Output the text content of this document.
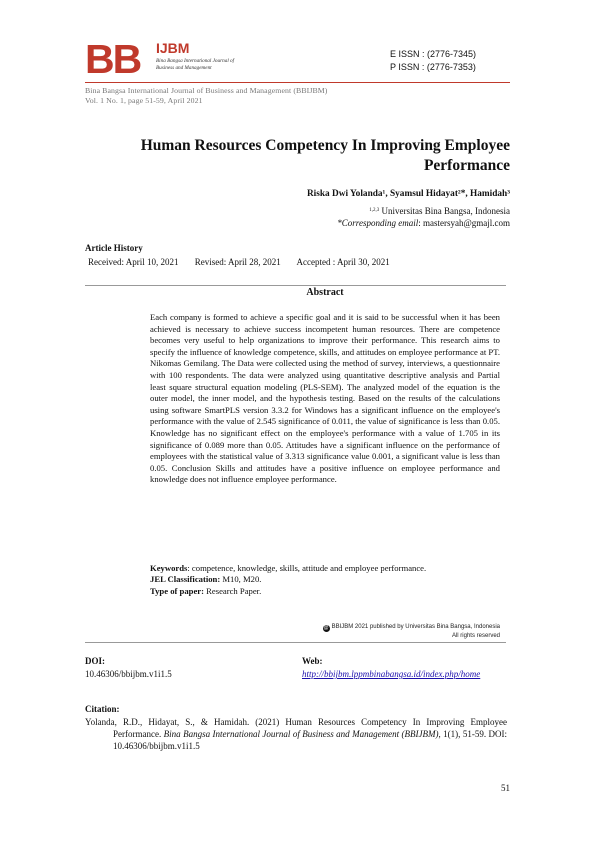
BB IJBM
Bina Bangsa International Journal of Business and Management
E ISSN : (2776-7345)
P ISSN : (2776-7353)
Bina Bangsa International Journal of Business and Management (BBIJBM)
Vol. 1 No. 1, page 51-59, April 2021
Human Resources Competency In Improving Employee
Performance
Riska Dwi Yolanda¹, Syamsul Hidayat²*, Hamidah³
$^{1,2,3}$ Universitas Bina Bangsa, Indonesia
*Corresponding email: mastersyah@gmajl.com
Article History
Received: April 10, 2021 Revised: April 28, 2021 Accepted : April 30, 2021
Abstract
Each company is formed to achieve a specific goal and it is said to be successful when it has been achieved is necessary to achieve success incompetent human resources. There are competence becomes very useful to help organizations to improve their performance. This research aims to specify the influence of knowledge competence, skills, and attitudes on employee performance at PT. Nikomas Gemilang. The Data were collected using the method of survey, interviews, a questionnaire with 100 respondents. The data were analyzed using quantitative descriptive analysis and Partial least square structural equation modeling (PLS-SEM). The analyzed model of the equation is the outer model, the inner model, and the hypothesis testing. Based on the results of the calculations using software SmartPLS version 3.3.2 for Windows has a significant influence on the employee's performance with the value of 2.545 significance of 0.011, the value of significance is less than 0.05. Knowledge has no significant effect on the employee's performance with a value of 1.705 in its significance of 0.089 more than 0.05. Attitudes have a significant influence on the performance of employees with the statistical value of 3.313 significance value 0.001, a significant value is less than 0.05. Conclusion Skills and attitudes have a positive influence on employee performance and knowledge does not influence employee performance.
Keywords: competence, knowledge, skills, attitude and employee performance.
JEL Classification: M10, M20.
Type of paper: Research Paper.
@ BBIJBM 2021 published by Universitas Bina Bangsa, Indonesia
All rights reserved
DOI:
10.46306/bbijbm.v1i1.5
Web:
http://bbijbm.lppmbinabangsa.id/index.php/home
Citation:
Yolanda, R.D., Hidayat, S., & Hamidah. (2021) Human Resources Competency In Improving Employee Performance. Bina Bangsa International Journal of Business and Management (BBIJBM), 1(1), 51-59. DOI: 10.46306/bbijbm.v1i1.5
51
